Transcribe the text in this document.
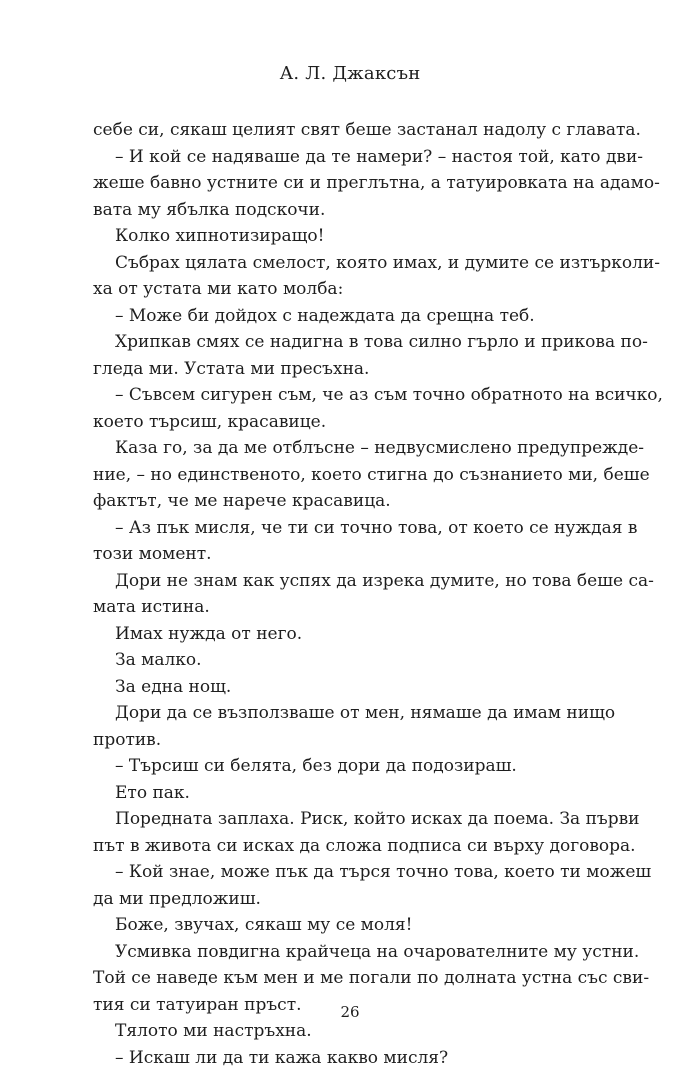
А. Л. Джаксън
себе си, сякаш целият свят беше застанал надолу с главата.
– И кой се надяваше да те намери? – настоя той, като дви-
жеше бавно устните си и преглътна, а татуировката на адамо-
вата му ябълка подскочи.
Колко хипнотизиращо!
Събрах цялата смелост, която имах, и думите се изтърколи-
ха от устата ми като молба:
– Може би дойдох с надеждата да срещна теб.
Хрипкав смях се надигна в това силно гърло и прикова по-
гледа ми. Устата ми пресъхна.
– Съвсем сигурен съм, че аз съм точно обратното на всичко,
което търсиш, красавице.
Каза го, за да ме отблъсне – недвусмислено предупрежде-
ние, – но единственото, което стигна до съзнанието ми, беше
фактът, че ме нарече красавица.
– Аз пък мисля, че ти си точно това, от което се нуждая в
този момент.
Дори не знам как успях да изрека думите, но това беше са-
мата истина.
Имах нужда от него.
За малко.
За една нощ.
Дори да се възползваше от мен, нямаше да имам нищо
против.
– Търсиш си белята, без дори да подозираш.
Ето пак.
Поредната заплаха. Риск, който исках да поема. За първи
път в живота си исках да сложа подписа си върху договора.
– Кой знае, може пък да търся точно това, което ти можеш
да ми предложиш.
Боже, звучах, сякаш му се моля!
Усмивка повдигна крайчеца на очарователните му устни.
Той се наведе към мен и ме погали по долната устна със сви-
тия си татуиран пръст.
Тялото ми настръхна.
– Искаш ли да ти кажа какво мисля?
26
